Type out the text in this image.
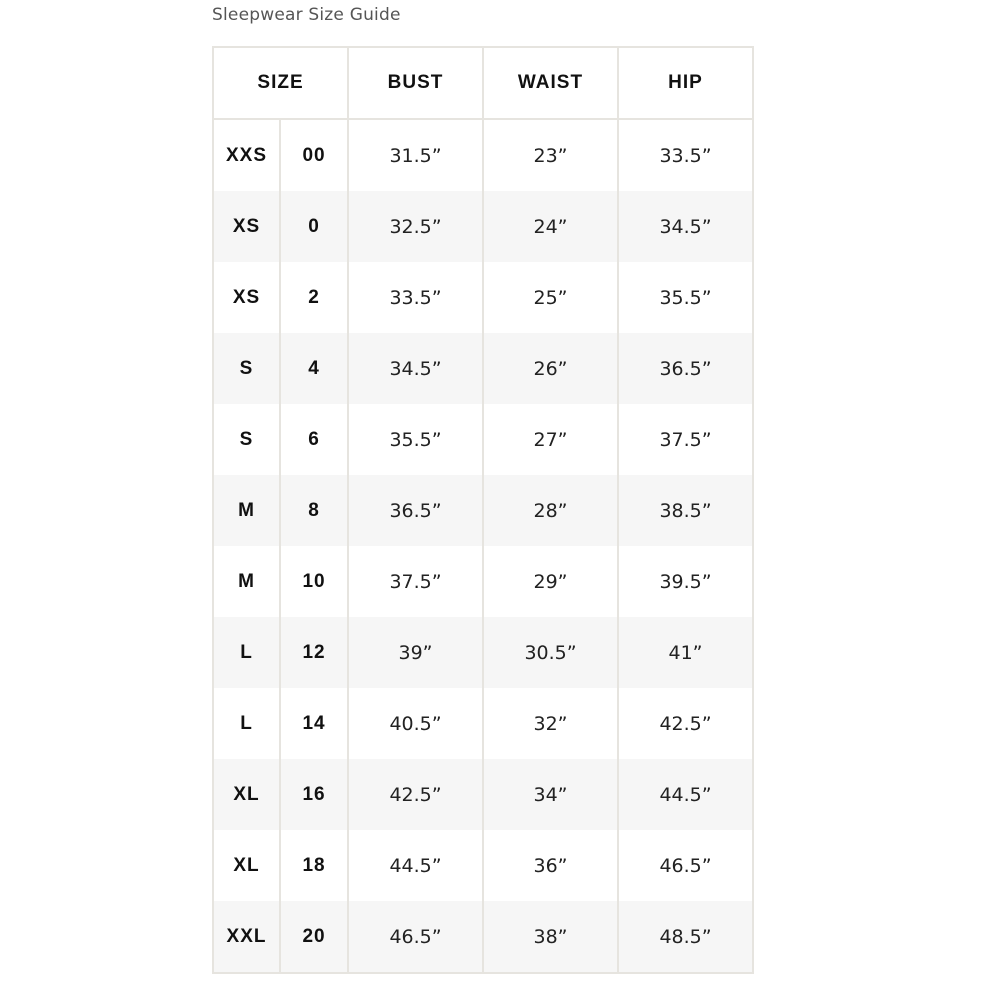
Sleepwear Size Guide
SIZE		BUST	WAIST	HIP
XXS	00	31.5”	23”	33.5”
XS	0	32.5”	24”	34.5”
XS	2	33.5”	25”	35.5”
S	4	34.5”	26”	36.5”
S	6	35.5”	27”	37.5”
M	8	36.5”	28”	38.5”
M	10	37.5”	29”	39.5”
L	12	39”	30.5”	41”
L	14	40.5”	32”	42.5”
XL	16	42.5”	34”	44.5”
XL	18	44.5”	36”	46.5”
XXL	20	46.5”	38”	48.5”
